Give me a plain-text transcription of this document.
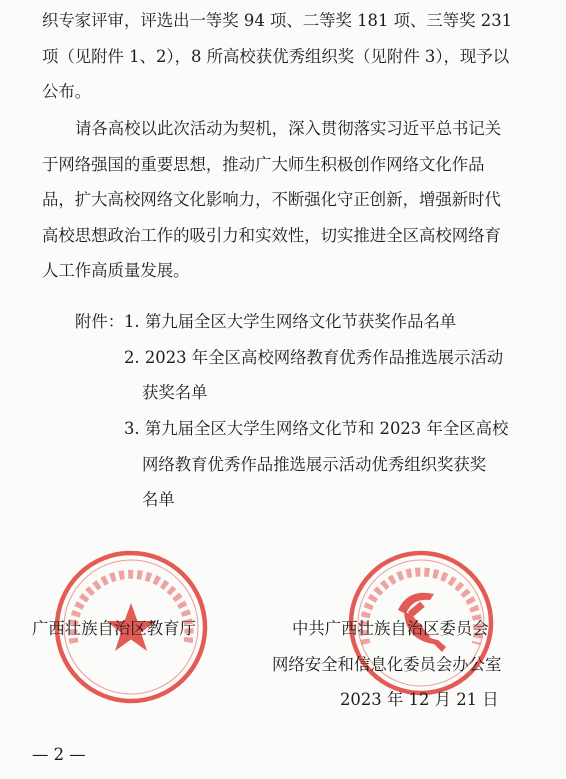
织专家评审，评选出一等奖 94 项、二等奖 181 项、三等奖 231
项（见附件 1、2），8 所高校获优秀组织奖（见附件 3），现予以
公布。
请各高校以此次活动为契机，深入贯彻落实习近平总书记关
于网络强国的重要思想，推动广大师生积极创作网络文化作品
品，扩大高校网络文化影响力，不断强化守正创新，增强新时代
高校思想政治工作的吸引力和实效性，切实推进全区高校网络育
人工作高质量发展。
附件： 1. 第九届全区大学生网络文化节获奖作品名单
2. 2023 年全区高校网络教育优秀作品推选展示活动
获奖名单
3. 第九届全区大学生网络文化节和 2023 年全区高校
网络教育优秀作品推选展示活动优秀组织奖获奖
名单
广西壮族自治区教育厅	中共广西壮族自治区委员会
网络安全和信息化委员会办公室
2023 年 12 月 21 日
— 2 —
